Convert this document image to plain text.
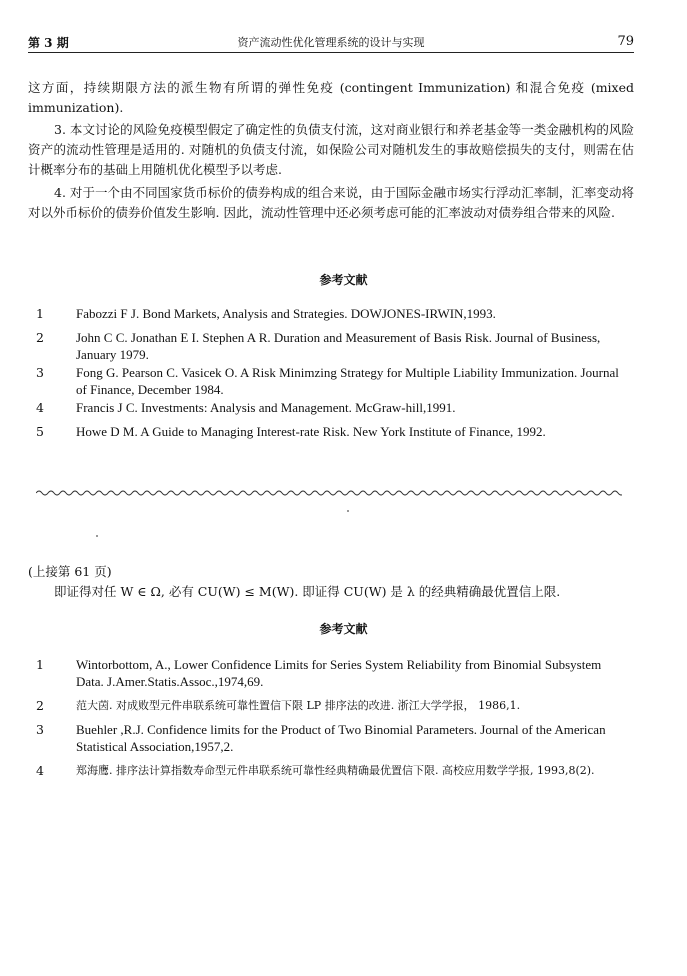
第 3 期	资产流动性优化管理系统的设计与实现	79
这方面，持续期限方法的派生物有所谓的弹性免疫 (contingent Immunization) 和混合免疫 (mixed immunization).
3. 本文讨论的风险免疫模型假定了确定性的负债支付流，这对商业银行和养老基金等一类金融机构的风险资产的流动性管理是适用的. 对随机的负债支付流，如保险公司对随机发生的事故赔偿损失的支付，则需在估计概率分布的基础上用随机优化模型予以考虑.
4. 对于一个由不同国家货币标价的债券构成的组合来说，由于国际金融市场实行浮动汇率制，汇率变动将对以外币标价的债券价值发生影响. 因此，流动性管理中还必须考虑可能的汇率波动对债券组合带来的风险.
参考文献
1	Fabozzi F J. Bond Markets, Analysis and Strategies. DOWJONES-IRWIN,1993.
2	John C C. Jonathan E I. Stephen A R. Duration and Measurement of Basis Risk. Journal of Business, January 1979.
3	Fong G. Pearson C. Vasicek O. A Risk Minimzing Strategy for Multiple Liability Immunization. Journal of Finance, December 1984.
4	Francis J C. Investments: Analysis and Management. McGraw-hill,1991.
5	Howe D M. A Guide to Managing Interest-rate Risk. New York Institute of Finance, 1992.
(上接第 61 页)
即证得对任 W ∈ Ω, 必有 CU(W) ≤ M(W). 即证得 CU(W) 是 λ 的经典精确最优置信上限.
参考文献
1	Wintorbottom, A., Lower Confidence Limits for Series System Reliability from Binomial Subsystem Data. J.Amer.Statis.Assoc.,1974,69.
2	范大茵. 对成败型元件串联系统可靠性置信下限 LP 排序法的改进. 浙江大学学报， 1986,1.
3	Buehler ,R.J. Confidence limits for the Product of Two Binomial Parameters. Journal of the American Statistical Association,1957,2.
4	郑海鹰. 排序法计算指数寿命型元件串联系统可靠性经典精确最优置信下限. 高校应用数学学报, 1993,8(2).
